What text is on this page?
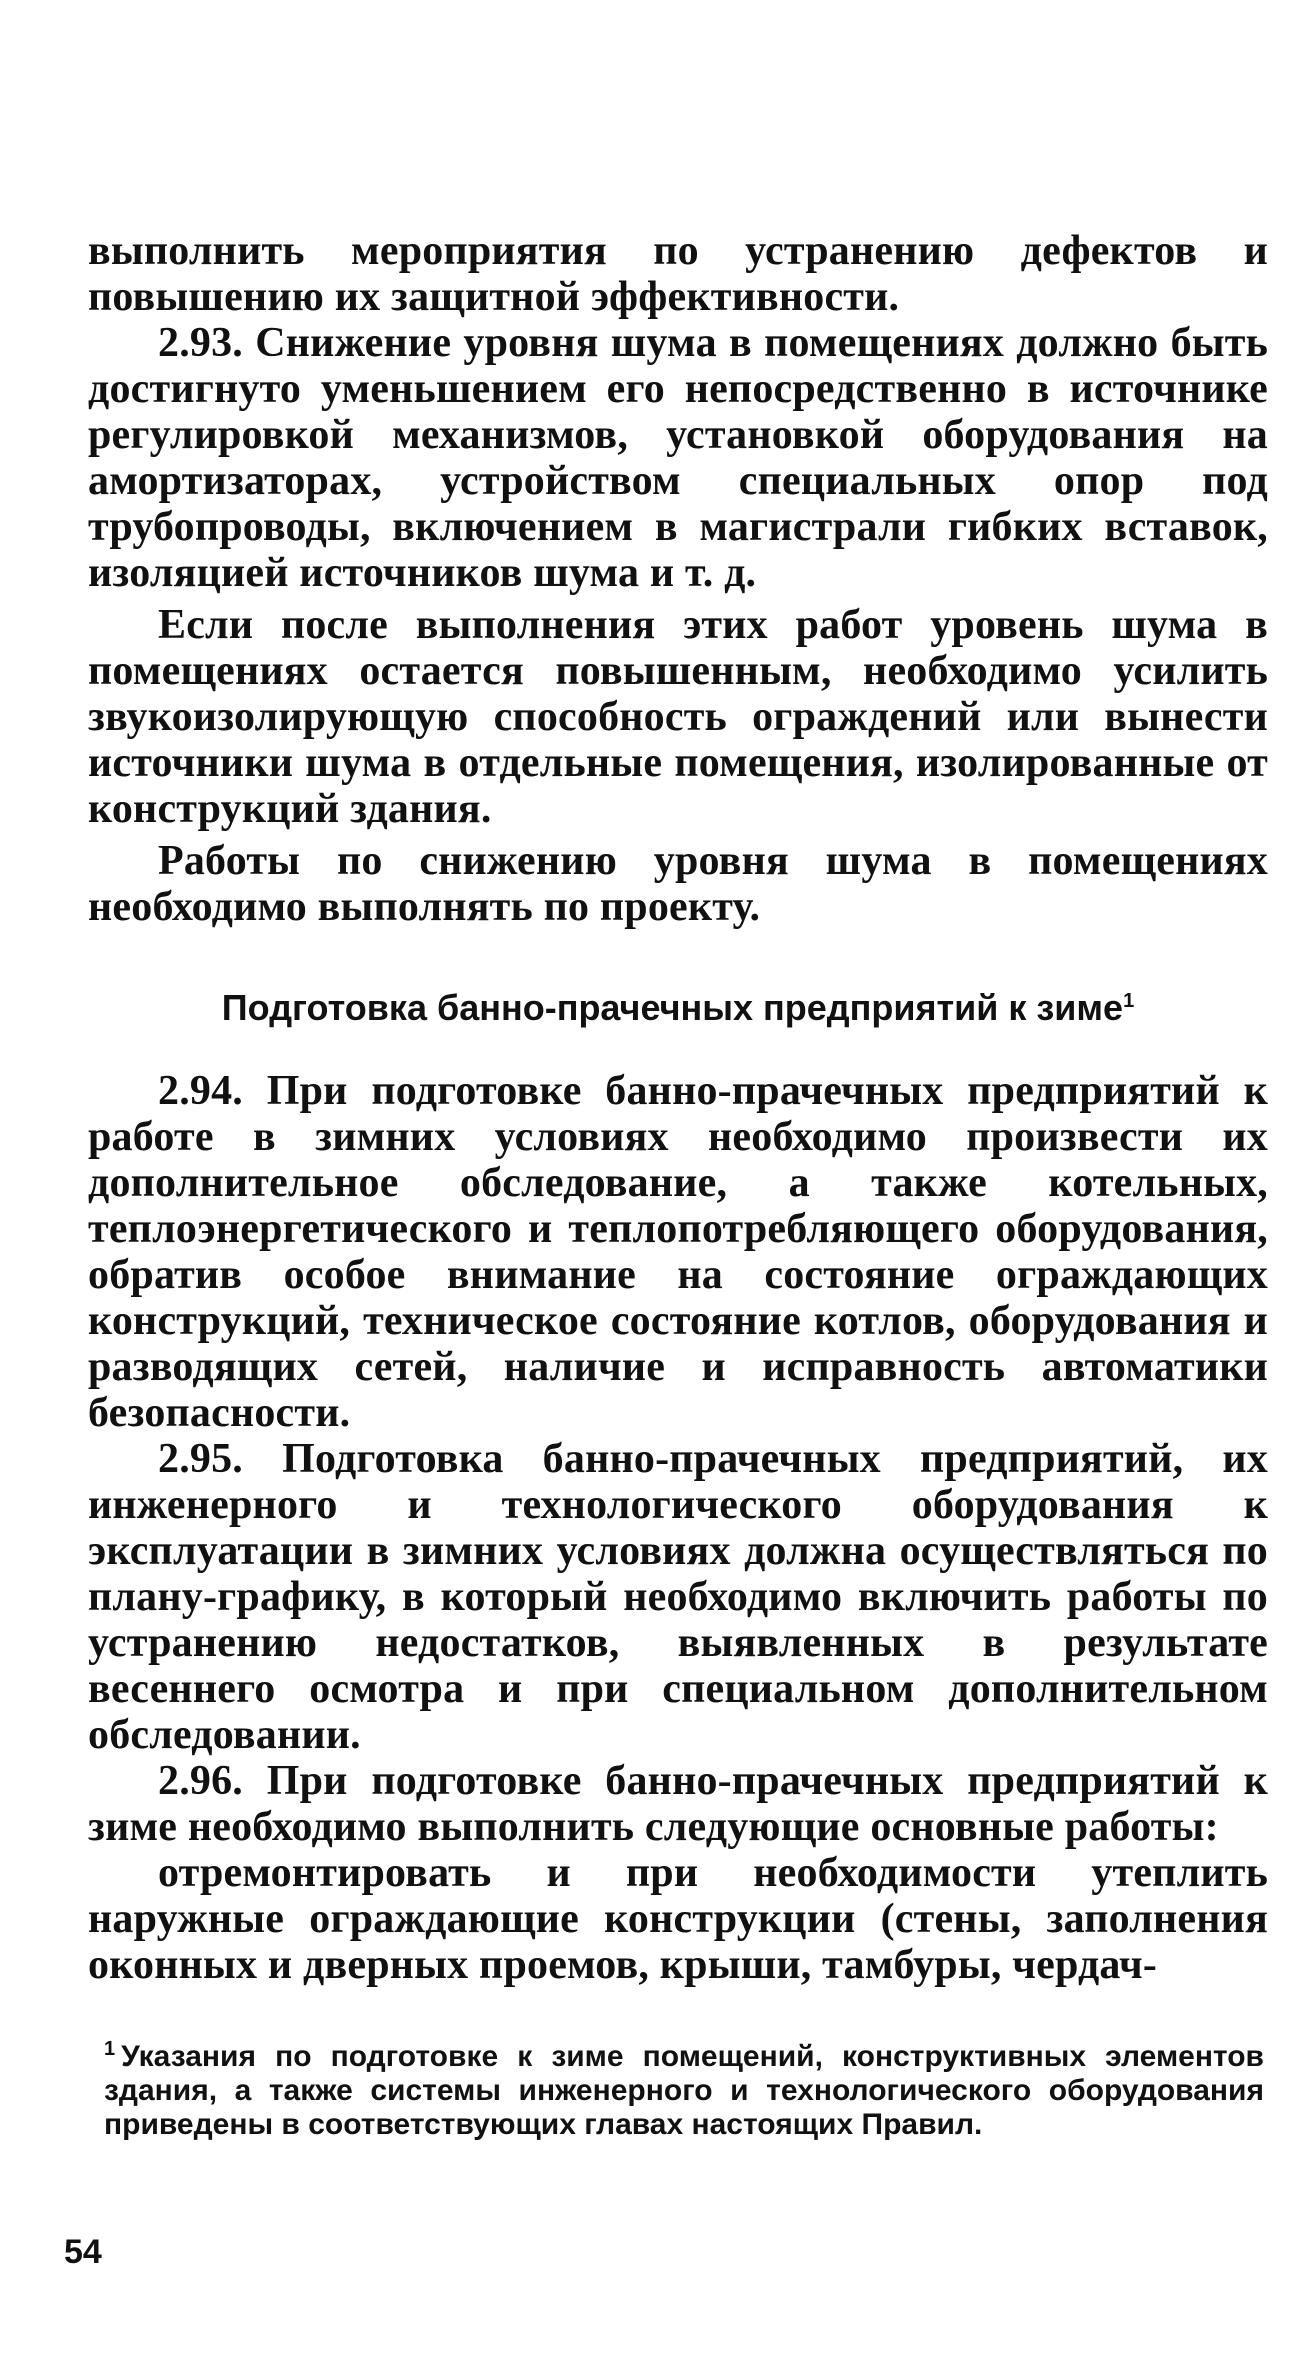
выполнить мероприятия по устранению дефектов и повышению их защитной эффективности.

2.93. Снижение уровня шума в помещениях должно быть достигнуто уменьшением его непосредственно в источнике регулировкой механизмов, установкой оборудования на амортизаторах, устройством специальных опор под трубопроводы, включением в магистрали гибких вставок, изоляцией источников шума и т. д.

Если после выполнения этих работ уровень шума в помещениях остается повышенным, необходимо усилить звукоизолирующую способность ограждений или вынести источники шума в отдельные помещения, изолированные от конструкций здания.

Работы по снижению уровня шума в помещениях необходимо выполнять по проекту.

Подготовка банно-прачечных предприятий к зиме$^1$

2.94. При подготовке банно-прачечных предприятий к работе в зимних условиях необходимо произвести их дополнительное обследование, а также котельных, теплоэнергетического и теплопотребляющего оборудования, обратив особое внимание на состояние ограждающих конструкций, техническое состояние котлов, оборудования и разводящих сетей, наличие и исправность автоматики безопасности.

2.95. Подготовка банно-прачечных предприятий, их инженерного и технологического оборудования к эксплуатации в зимних условиях должна осуществляться по плану-графику, в который необходимо включить работы по устранению недостатков, выявленных в результате весеннего осмотра и при специальном дополнительном обследовании.

2.96. При подготовке банно-прачечных предприятий к зиме необходимо выполнить следующие основные работы:

отремонтировать и при необходимости утеплить наружные ограждающие конструкции (стены, заполнения оконных и дверных проемов, крыши, тамбуры, чердач-

$^1$ Указания по подготовке к зиме помещений, конструктивных элементов здания, а также системы инженерного и технологического оборудования приведены в соответствующих главах настоящих Правил.

54
